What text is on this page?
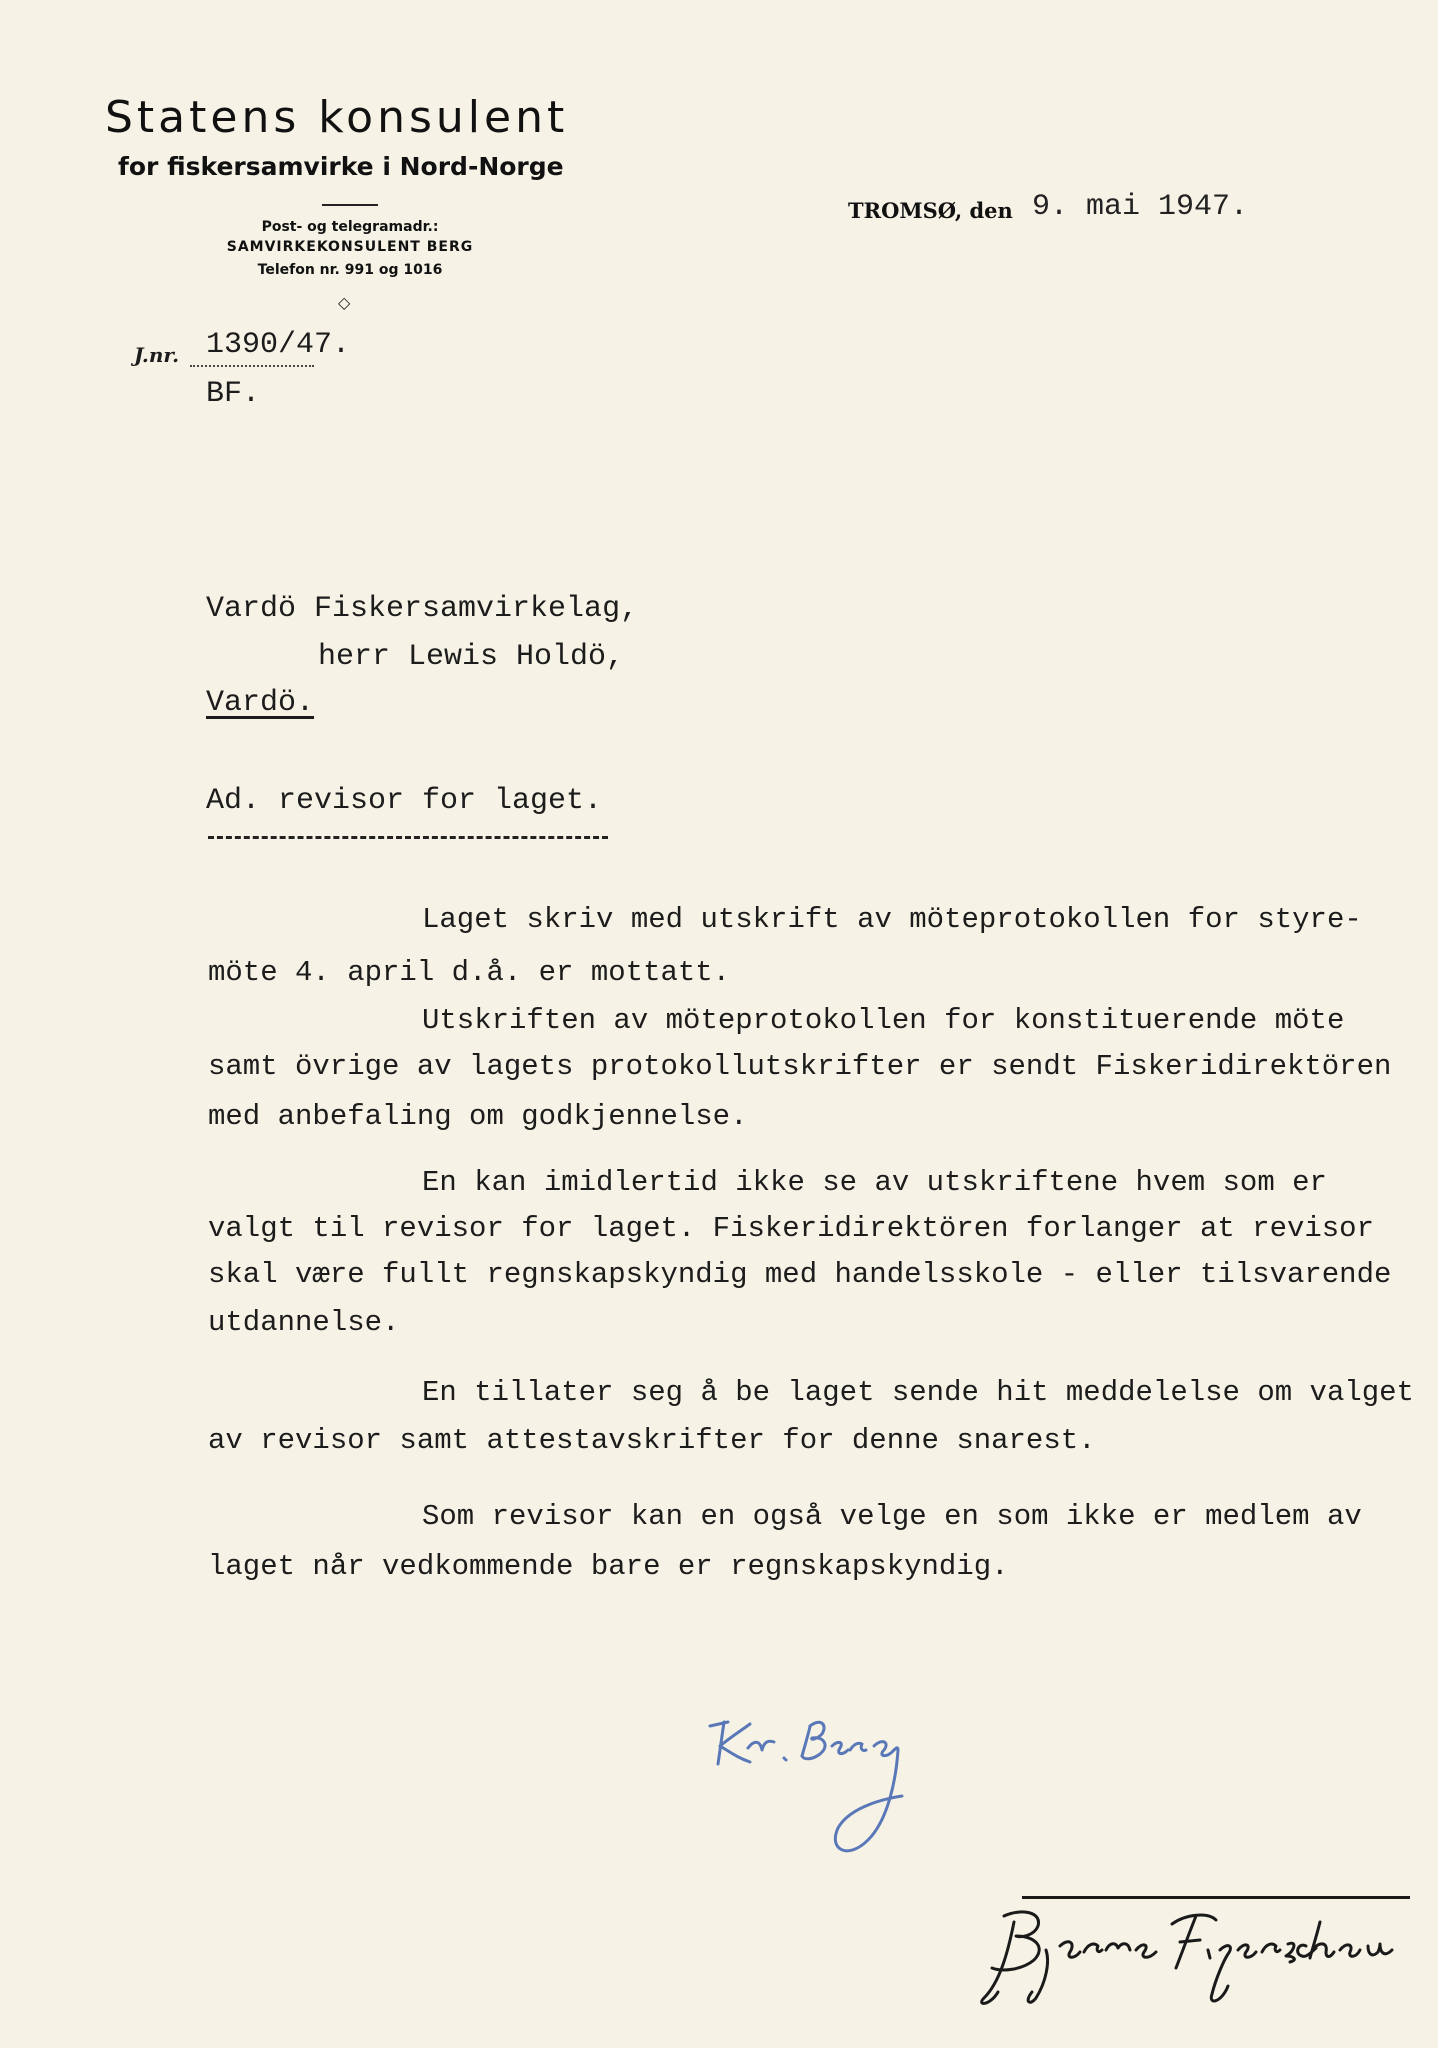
Statens konsulent
for fiskersamvirke i Nord-Norge
Post- og telegramadr.:
SAMVIRKEKONSULENT BERG
Telefon nr. 991 og 1016
◇
TROMSØ, den 9. mai 1947.
J.nr. 1390/47.
BF.
Vardö Fiskersamvirkelag,
herr Lewis Holdö,
Vardö.
Ad. revisor for laget.
Laget skriv med utskrift av möteprotokollen for styre-
möte 4. april d.å. er mottatt.
Utskriften av möteprotokollen for konstituerende möte
samt övrige av lagets protokollutskrifter er sendt Fiskeridirektören
med anbefaling om godkjennelse.
En kan imidlertid ikke se av utskriftene hvem som er
valgt til revisor for laget. Fiskeridirektören forlanger at revisor
skal være fullt regnskapskyndig med handelsskole - eller tilsvarende
utdannelse.
En tillater seg å be laget sende hit meddelelse om valget
av revisor samt attestavskrifter for denne snarest.
Som revisor kan en også velge en som ikke er medlem av
laget når vedkommende bare er regnskapskyndig.
